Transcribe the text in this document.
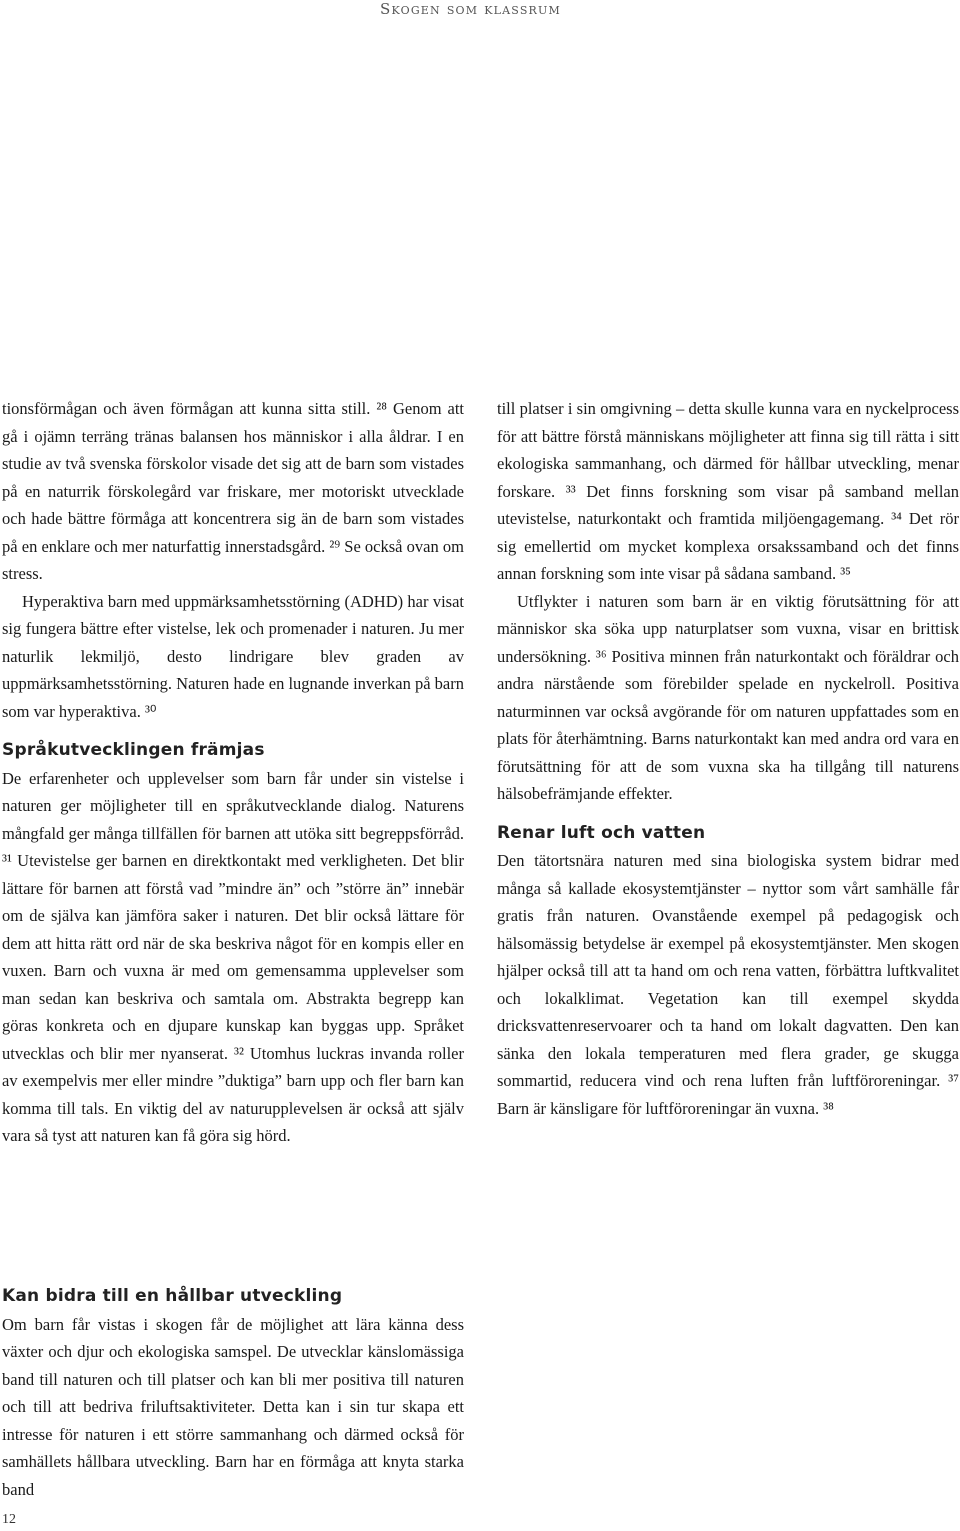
Skogen som klassrum

tionsförmågan och även förmågan att kunna sitta still. ²⁸ Genom att gå i ojämn terräng tränas balansen hos människor i alla åldrar. I en studie av två svenska förskolor visade det sig att de barn som vistades på en naturrik förskolegård var friskare, mer motoriskt utvecklade och hade bättre förmåga att koncentrera sig än de barn som vistades på en enklare och mer naturfattig innerstadsgård. ²⁹ Se också ovan om stress.

Hyperaktiva barn med uppmärksamhetsstörning (ADHD) har visat sig fungera bättre efter vistelse, lek och promenader i naturen. Ju mer naturlik lekmiljö, desto lindrigare blev graden av uppmärksamhetsstörning. Naturen hade en lugnande inverkan på barn som var hyperaktiva. ³⁰

Språkutvecklingen främjas

De erfarenheter och upplevelser som barn får under sin vistelse i naturen ger möjligheter till en språkutvecklande dialog. Naturens mångfald ger många tillfällen för barnen att utöka sitt begreppsförråd. ³¹ Utevistelse ger barnen en direktkontakt med verkligheten. Det blir lättare för barnen att förstå vad ”mindre än” och ”större än” innebär om de själva kan jämföra saker i naturen. Det blir också lättare för dem att hitta rätt ord när de ska beskriva något för en kompis eller en vuxen. Barn och vuxna är med om gemensamma upplevelser som man sedan kan beskriva och samtala om. Abstrakta begrepp kan göras konkreta och en djupare kunskap kan byggas upp. Språket utvecklas och blir mer nyanserat. ³² Utomhus luckras invanda roller av exempelvis mer eller mindre ”duktiga” barn upp och fler barn kan komma till tals. En viktig del av naturupplevelsen är också att själv vara så tyst att naturen kan få göra sig hörd.

till platser i sin omgivning – detta skulle kunna vara en nyckelprocess för att bättre förstå människans möjligheter att finna sig till rätta i sitt ekologiska sammanhang, och därmed för hållbar utveckling, menar forskare. ³³ Det finns forskning som visar på samband mellan utevistelse, naturkontakt och framtida miljöengagemang. ³⁴ Det rör sig emellertid om mycket komplexa orsakssamband och det finns annan forskning som inte visar på sådana samband. ³⁵

Utflykter i naturen som barn är en viktig förutsättning för att människor ska söka upp naturplatser som vuxna, visar en brittisk undersökning. ³⁶ Positiva minnen från naturkontakt och föräldrar och andra närstående som förebilder spelade en nyckelroll. Positiva naturminnen var också avgörande för om naturen uppfattades som en plats för återhämtning. Barns naturkontakt kan med andra ord vara en förutsättning för att de som vuxna ska ha tillgång till naturens hälsobefrämjande effekter.

Renar luft och vatten

Den tätortsnära naturen med sina biologiska system bidrar med många så kallade ekosystemtjänster – nyttor som vårt samhälle får gratis från naturen. Ovanstående exempel på pedagogisk och hälsomässig betydelse är exempel på ekosystemtjänster. Men skogen hjälper också till att ta hand om och rena vatten, förbättra luftkvalitet och lokalklimat. Vegetation kan till exempel skydda dricksvattenreservoarer och ta hand om lokalt dagvatten. Den kan sänka den lokala temperaturen med flera grader, ge skugga sommartid, reducera vind och rena luften från luftföroreningar. ³⁷ Barn är känsligare för luftföroreningar än vuxna. ³⁸

Kan bidra till en hållbar utveckling

Om barn får vistas i skogen får de möjlighet att lära känna dess växter och djur och ekologiska samspel. De utvecklar känslomässiga band till naturen och till platser och kan bli mer positiva till naturen och till att bedriva friluftsaktiviteter. Detta kan i sin tur skapa ett intresse för naturen i ett större sammanhang och därmed också för samhällets hållbara utveckling. Barn har en förmåga att knyta starka band

12
